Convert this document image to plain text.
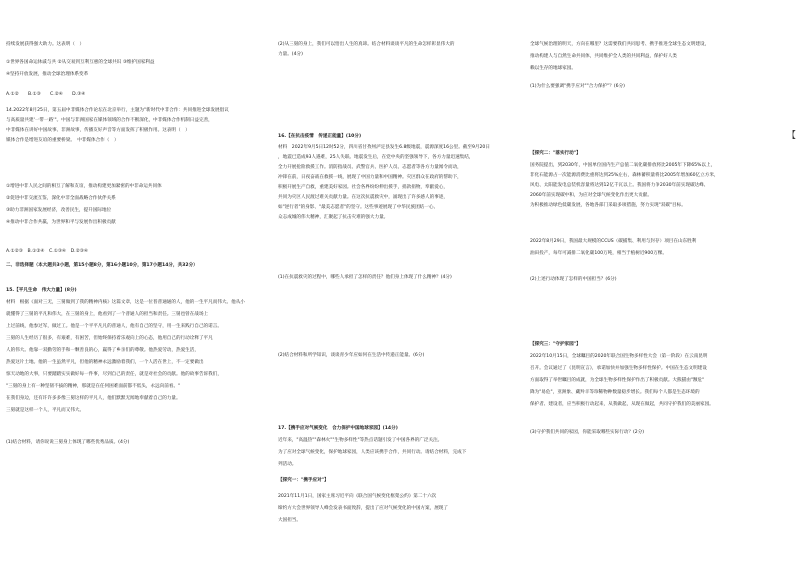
持续发展获得强大助力。这表明（　）
①世界各国命运休戚与共 ②从交易到互利互惠的全球共识 ③维护国家利益
④坚持开放发展，推动全球治理体系变革
A.①②　　B.①③　　C.②④　　D.③④
14.2022年8月25日，第五届中非媒体合作论坛在北京举行，主题为"新时代中非合作：共同推进全球发展倡议
与高质量共建'一带一路'"。中国与非洲国家在媒体领域的合作不断深化，中非媒体合作机制日益完善，
中非媒体在讲好中国故事、非洲故事，传播友好声音等方面发挥了积极作用。这表明（　）
媒体合作是增进友谊的重要桥梁。　中非媒体合作（　）
①增进中非人民之间的相互了解和友谊，推动构建更加紧密的中非命运共同体
②促进中非交流互鉴，深化中非全面战略合作伙伴关系
③助力非洲国家发展经济，改善民生，提升国际地位
④推动中非合作共赢，为世界和平与发展作出积极贡献
A.①②③　B.①②④　C.①③④　D.②③④
二、非选择题（本大题共3小题，第15小题8分，第16小题10分，第17小题14分，共32分）
15.【平凡生命　伟大力量】(8分)
材料　根据《面对三无，三舅做到了我的精神内核》这篇文章，这是一位普普通通的人，他的一生平凡而伟大。他从小
就懂得了三舅的平凡和伟大，在三舅的身上，他看到了一个普通人的担当和责任。三舅也曾在战场上
上过前线，他参过军，做过工。他是一个平平凡凡的普通人，他有自己的坚守，用一生来践行自己的诺言。
三舅的人生经历了很多，有艰难，有困苦，但始终保持着乐观向上的心态，他用自己的行动诠释了平凡
人的伟大。他靠一双勤劳的手和一颗善良的心，赢得了乡亲们的尊敬。他热爱劳动，热爱生活，
热爱这片土地。他的一生虽然平凡，但他的精神永远激励着我们，一个人活在世上，不一定要做出
惊天动地的大事，只要踏踏实实做好每一件事，尽到自己的责任，就是对社会的贡献。他的故事告诉我们，
"三舅的身上有一种坚韧不拔的精神，那就是在任何困难面前都不低头，永远向前看。"
在我们身边，还有许许多多像三舅这样的平凡人，他们默默无闻地奉献着自己的力量。
三舅就是这样一个人，平凡而又伟大。
(1)结合材料，请你说说三舅身上体现了哪些优秀品质。(4分)
(2)从三舅的身上，我们可以悟出人生的真谛。结合材料谈谈平凡的生命怎样彰显伟大的
力量。(4分)
16.【在抗击疫情　传递正能量】(10分)
材料　2022年9月5日12时52分，四川省甘孜州泸定县发生6.8级地震，震源深度16公里。截至9月20日
，地震已造成93人遇难，25人失联。地震发生后，在党中央的坚强领导下，各方力量迅速集结，
全力开展抢险救援工作。消防指战员、武警官兵、医护人员、志愿者等各方力量闻令而动，
冲锋在前，日夜奋战在救援一线，展现了中国力量和中国精神。灾区群众在政府的帮助下，
积极开展生产自救，重建美好家园。社会各界纷纷伸出援手，捐款捐物，奉献爱心，
共同为灾区人民渡过难关贡献力量。在这次抗震救灾中，涌现出了许多感人的事迹，
如"逆行者"的身影、"最美志愿者"的坚守。这些事迹展现了中华民族团结一心、
众志成城的伟大精神，汇聚起了抗击灾难的强大力量。
(1)在抗震救灾的过程中，哪些人承担了怎样的责任？他们身上体现了什么精神？(4分)
(2)结合材料和所学知识，谈谈青少年应如何在生活中传递正能量。(6分)
17.【携手应对气候变化　合力保护中国地球家园】(14分)
近年来，"高温热""森林火""生物多样性"等热点话题引发了中国各界的广泛关注。
为了应对全球气候变化，保护地球家园，人类应该携手合作，共同行动。请结合材料，完成下
列活动。
【探究一："携手应对"】
2021年11月1日，国家主席习近平向《联合国气候变化框架公约》第二十六次
缔约方大会世界领导人峰会发表书面致辞，提出了应对气候变化的中国方案，展现了
大国担当。
全球气候治理的明天，方向在哪里？这需要我们共同思考、携手推进全球生态文明建设，
推动构建人与自然生命共同体，共同维护全人类的共同利益，保护好人类
赖以生存的地球家园。
(1)为什么要强调"携手应对""合力保护"？(6分)
【探究二："落实行动"】
国务院提出，到2030年，中国单位国内生产总值二氧化碳排放将比2005年下降65%以上，
非化石能源占一次能源消费比重将达到25%左右，森林蓄积量将比2005年增加60亿立方米，
风电、太阳能发电总装机容量将达到12亿千瓦以上。我国将力争2030年前实现碳达峰、
2060年前实现碳中和，为应对全球气候变化作出更大贡献。
为积极推动绿色低碳发展，各地各部门采取多项措施，努力实现"双碳"目标。
2022年8月29日，我国最大规模的CCUS（碳捕集、利用与封存）项目在山东胜利
油田投产，每年可减排二氧化碳100万吨，相当于植树近900万棵。
(2)上述行动体现了怎样的中国担当？(6分)
【探究三："守护家园"】
2022年10月15日，全球瞩目的2020年联合国生物多样性大会（第一阶段）在云南昆明
召开。会议通过了《昆明宣言》，承诺加快并加强生物多样性保护。中国在生态文明建设
方面取得了举世瞩目的成就，为全球生物多样性保护作出了积极贡献。大熊猫由"濒危"
降为"易危"，亚洲象、藏羚羊等珍稀物种数量稳步增长。我们每个人都是生态环境的
保护者、建设者，应当积极行动起来，从我做起，从现在做起，共同守护我们的美丽家园。
(3)守护我们共同的家园，你能采取哪些实际行动？(2分)
【
